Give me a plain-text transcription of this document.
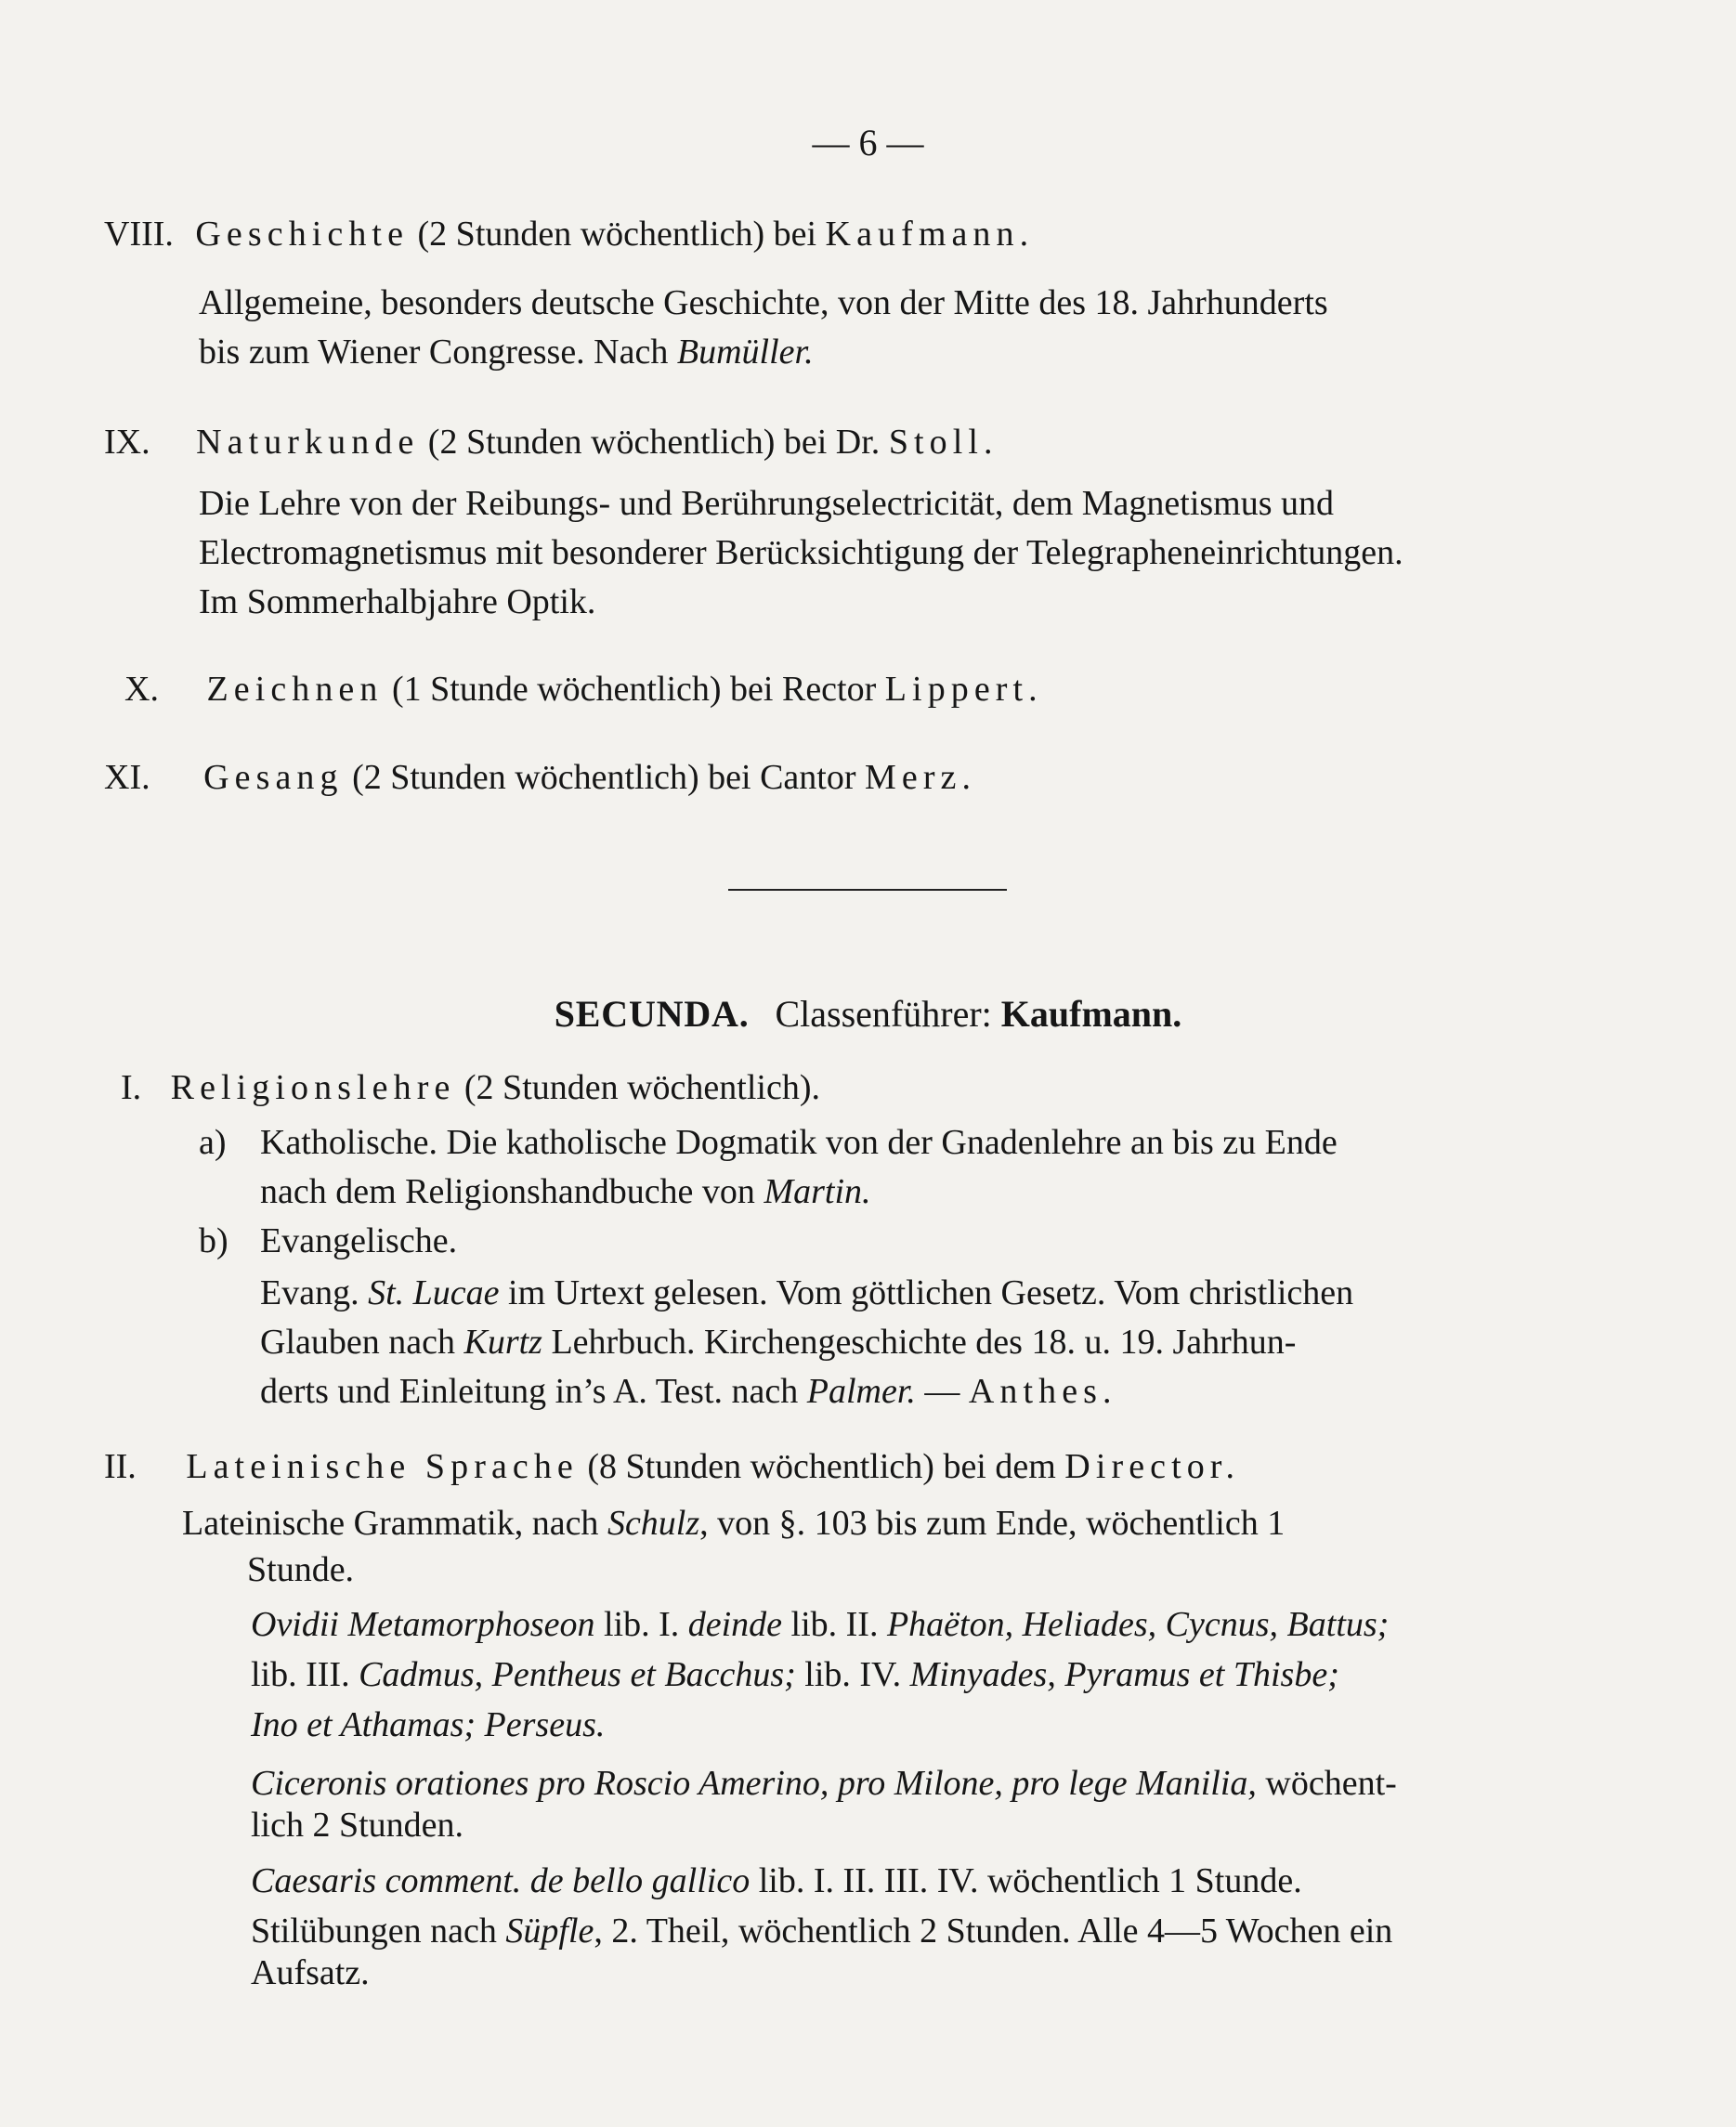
— 6 —
VIII. Geschichte (2 Stunden wöchentlich) bei Kaufmann.
Allgemeine, besonders deutsche Geschichte, von der Mitte des 18. Jahrhunderts
bis zum Wiener Congresse. Nach Bumüller.
IX. Naturkunde (2 Stunden wöchentlich) bei Dr. Stoll.
Die Lehre von der Reibungs- und Berührungselectricität, dem Magnetismus und
Electromagnetismus mit besonderer Berücksichtigung der Telegrapheneinrichtungen.
Im Sommerhalbjahre Optik.
X. Zeichnen (1 Stunde wöchentlich) bei Rector Lippert.
XI. Gesang (2 Stunden wöchentlich) bei Cantor Merz.
SECUNDA. Classenführer: Kaufmann.
I. Religionslehre (2 Stunden wöchentlich).
a) Katholische. Die katholische Dogmatik von der Gnadenlehre an bis zu Ende
nach dem Religionshandbuche von Martin.
b) Evangelische.
Evang. St. Lucae im Urtext gelesen. Vom göttlichen Gesetz. Vom christlichen
Glauben nach Kurtz Lehrbuch. Kirchengeschichte des 18. u. 19. Jahrhun-
derts und Einleitung in’s A. Test. nach Palmer. — Anthes.
II. Lateinische Sprache (8 Stunden wöchentlich) bei dem Director.
Lateinische Grammatik, nach Schulz, von §. 103 bis zum Ende, wöchentlich 1
Stunde.
Ovidii Metamorphoseon lib. I. deinde lib. II. Phaëton, Heliades, Cycnus, Battus;
lib. III. Cadmus, Pentheus et Bacchus; lib. IV. Minyades, Pyramus et Thisbe;
Ino et Athamas; Perseus.
Ciceronis orationes pro Roscio Amerino, pro Milone, pro lege Manilia, wöchent-
lich 2 Stunden.
Caesaris comment. de bello gallico lib. I. II. III. IV. wöchentlich 1 Stunde.
Stilübungen nach Süpfle, 2. Theil, wöchentlich 2 Stunden. Alle 4—5 Wochen ein
Aufsatz.
